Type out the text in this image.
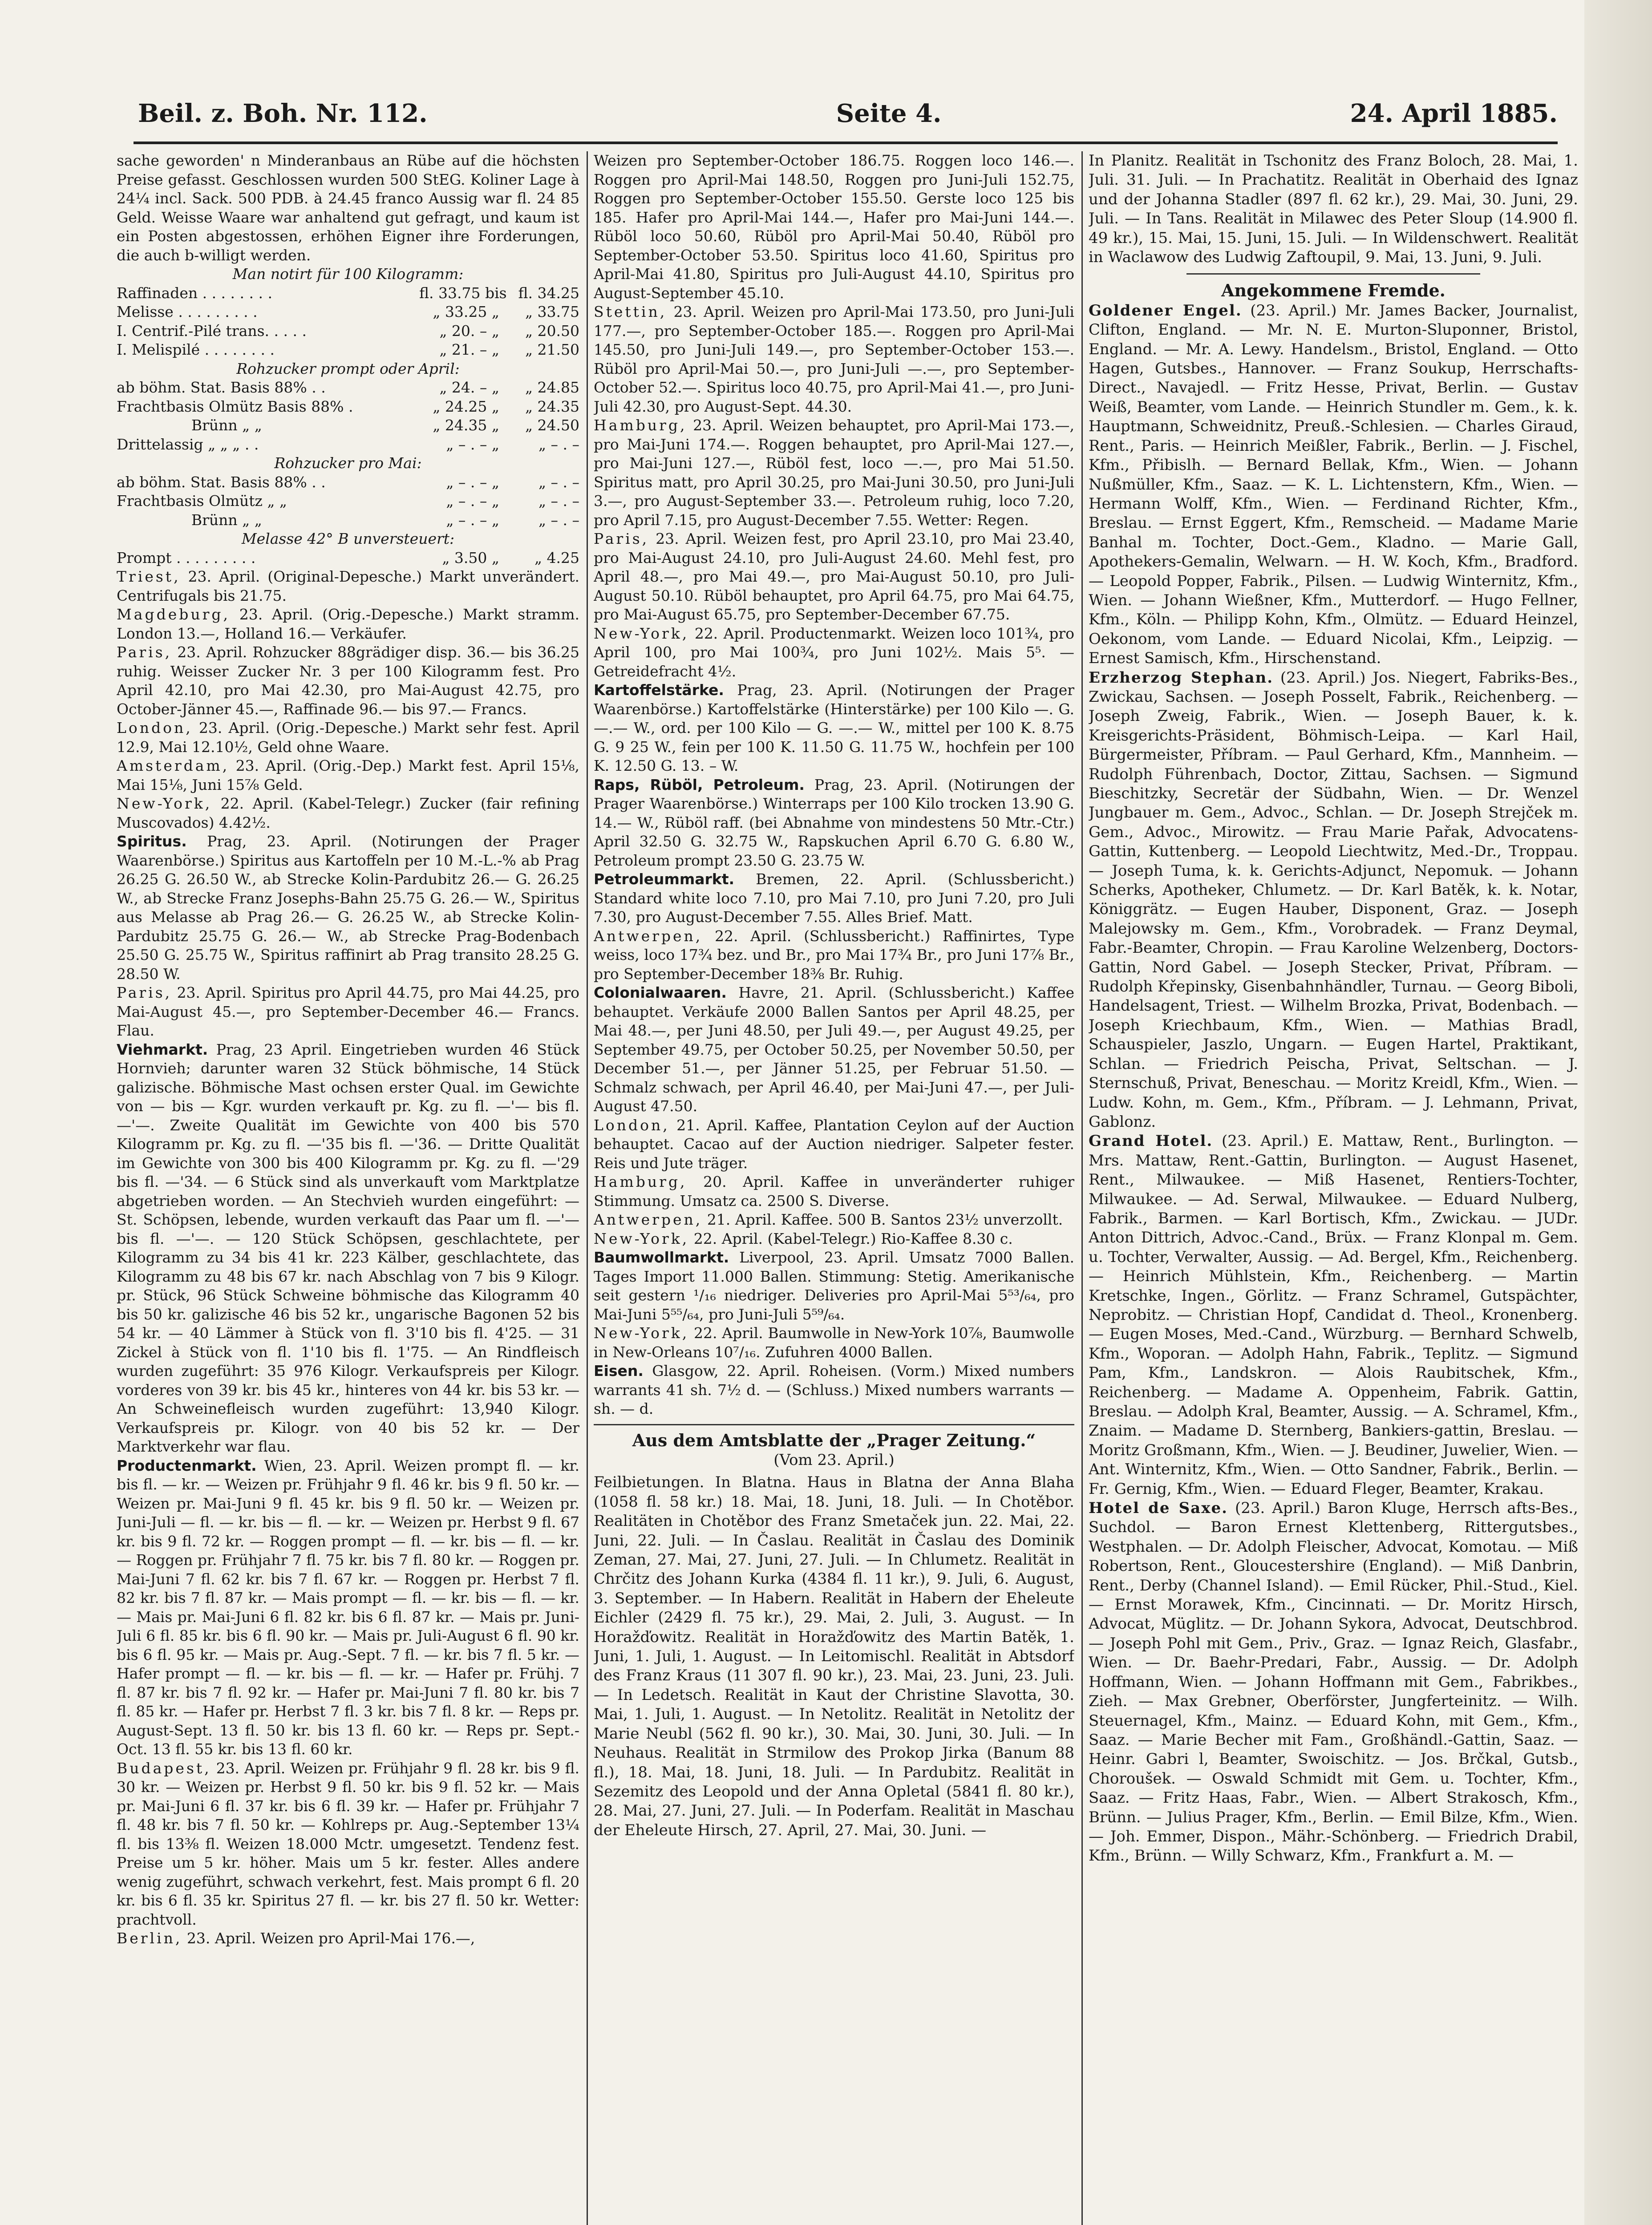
Beil. z. Boh. Nr. 112.	Seite 4.	24. April 1885.

sache geworden' n Minderanbaus an Rübe auf die höchsten Preise gefasst. Geschlossen wurden 500 StEG. Koliner Lage à 24¼ incl. Sack. 500 PDB. à 24.45 franco Aussig war fl. 24 85 Geld. Weisse Waare war anhaltend gut gefragt, und kaum ist ein Posten abgestossen, erhöhen Eigner ihre Forderungen, die auch b-willigt werden.

Man notirt für 100 Kilogramm:

Raffinaden . . . . . . . .	fl. 33.75 bis fl. 34.25
Melisse . . . . . . . . .	„ 33.25 „	„ 33.75
I. Centrif.-Pilé trans. . . . .	„ 20. – „	„ 20.50
I. Melispilé . . . . . . . .	„ 21. – „	„ 21.50

Rohzucker prompt oder April:

ab böhm. Stat. Basis 88% . .	„ 24. – „	„ 24.85
Frachtbasis Olmütz Basis 88% .	„ 24.25 „	„ 24.35
Brünn „ „	„ 24.35 „	„ 24.50
Drittelassig „ „ „ . .	„ – . – „	„ – . –

Rohzucker pro Mai:

ab böhm. Stat. Basis 88% . .	„ – . – „	„ – . –
Frachtbasis Olmütz „ „	„ – . – „	„ – . –
Brünn „ „	„ – . – „	„ – . –

Melasse 42° B unversteuert:

Prompt . . . . . . . . .	„ 3.50 „	„ 4.25

Triest, 23. April. (Original-Depesche.) Markt unverändert. Centrifugals bis 21.75.

Magdeburg, 23. April. (Orig.-Depesche.) Markt stramm. London 13.—, Holland 16.— Verkäufer.

Paris, 23. April. Rohzucker 88grädiger disp. 36.— bis 36.25 ruhig. Weisser Zucker Nr. 3 per 100 Kilogramm fest. Pro April 42.10, pro Mai 42.30, pro Mai-August 42.75, pro October-Jänner 45.—, Raffinade 96.— bis 97.— Francs.

London, 23. April. (Orig.-Depesche.) Markt sehr fest. April 12.9, Mai 12.10½, Geld ohne Waare.

Amsterdam, 23. April. (Orig.-Dep.) Markt fest. April 15⅛, Mai 15⅛, Juni 15⅞ Geld.

New-York, 22. April. (Kabel-Telegr.) Zucker (fair refining Muscovados) 4.42½.

Spiritus. Prag, 23. April. (Notirungen der Prager Waarenbörse.) Spiritus aus Kartoffeln per 10 M.-L.-% ab Prag 26.25 G. 26.50 W., ab Strecke Kolin-Pardubitz 26.— G. 26.25 W., ab Strecke Franz Josephs-Bahn 25.75 G. 26.— W., Spiritus aus Melasse ab Prag 26.— G. 26.25 W., ab Strecke Kolin-Pardubitz 25.75 G. 26.— W., ab Strecke Prag-Bodenbach 25.50 G. 25.75 W., Spiritus raffinirt ab Prag transito 28.25 G. 28.50 W.

Paris, 23. April. Spiritus pro April 44.75, pro Mai 44.25, pro Mai-August 45.—, pro September-December 46.— Francs. Flau.

Viehmarkt. Prag, 23 April. Eingetrieben wurden 46 Stück Hornvieh; darunter waren 32 Stück böhmische, 14 Stück galizische. Böhmische Mast ochsen erster Qual. im Gewichte von — bis — Kgr. wurden verkauft pr. Kg. zu fl. —'— bis fl. —'—. Zweite Qualität im Gewichte von 400 bis 570 Kilogramm pr. Kg. zu fl. —'35 bis fl. —'36. — Dritte Qualität im Gewichte von 300 bis 400 Kilogramm pr. Kg. zu fl. —'29 bis fl. —'34. — 6 Stück sind als unverkauft vom Marktplatze abgetrieben worden. — An Stechvieh wurden eingeführt: — St. Schöpsen, lebende, wurden verkauft das Paar um fl. —'— bis fl. —'—. — 120 Stück Schöpsen, geschlachtete, per Kilogramm zu 34 bis 41 kr. 223 Kälber, geschlachtete, das Kilogramm zu 48 bis 67 kr. nach Abschlag von 7 bis 9 Kilogr. pr. Stück, 96 Stück Schweine böhmische das Kilogramm 40 bis 50 kr. galizische 46 bis 52 kr., ungarische Bagonen 52 bis 54 kr. — 40 Lämmer à Stück von fl. 3'10 bis fl. 4'25. — 31 Zickel à Stück von fl. 1'10 bis fl. 1'75. — An Rindfleisch wurden zugeführt: 35 976 Kilogr. Verkaufspreis per Kilogr. vorderes von 39 kr. bis 45 kr., hinteres von 44 kr. bis 53 kr. — An Schweinefleisch wurden zugeführt: 13,940 Kilogr. Verkaufspreis pr. Kilogr. von 40 bis 52 kr. — Der Marktverkehr war flau.

Productenmarkt. Wien, 23. April. Weizen prompt fl. — kr. bis fl. — kr. — Weizen pr. Frühjahr 9 fl. 46 kr. bis 9 fl. 50 kr. — Weizen pr. Mai-Juni 9 fl. 45 kr. bis 9 fl. 50 kr. — Weizen pr. Juni-Juli — fl. — kr. bis — fl. — kr. — Weizen pr. Herbst 9 fl. 67 kr. bis 9 fl. 72 kr. — Roggen prompt — fl. — kr. bis — fl. — kr. — Roggen pr. Frühjahr 7 fl. 75 kr. bis 7 fl. 80 kr. — Roggen pr. Mai-Juni 7 fl. 62 kr. bis 7 fl. 67 kr. — Roggen pr. Herbst 7 fl. 82 kr. bis 7 fl. 87 kr. — Mais prompt — fl. — kr. bis — fl. — kr. — Mais pr. Mai-Juni 6 fl. 82 kr. bis 6 fl. 87 kr. — Mais pr. Juni-Juli 6 fl. 85 kr. bis 6 fl. 90 kr. — Mais pr. Juli-August 6 fl. 90 kr. bis 6 fl. 95 kr. — Mais pr. Aug.-Sept. 7 fl. — kr. bis 7 fl. 5 kr. — Hafer prompt — fl. — kr. bis — fl. — kr. — Hafer pr. Frühj. 7 fl. 87 kr. bis 7 fl. 92 kr. — Hafer pr. Mai-Juni 7 fl. 80 kr. bis 7 fl. 85 kr. — Hafer pr. Herbst 7 fl. 3 kr. bis 7 fl. 8 kr. — Reps pr. August-Sept. 13 fl. 50 kr. bis 13 fl. 60 kr. — Reps pr. Sept.-Oct. 13 fl. 55 kr. bis 13 fl. 60 kr.

Budapest, 23. April. Weizen pr. Frühjahr 9 fl. 28 kr. bis 9 fl. 30 kr. — Weizen pr. Herbst 9 fl. 50 kr. bis 9 fl. 52 kr. — Mais pr. Mai-Juni 6 fl. 37 kr. bis 6 fl. 39 kr. — Hafer pr. Frühjahr 7 fl. 48 kr. bis 7 fl. 50 kr. — Kohlreps pr. Aug.-September 13¼ fl. bis 13⅜ fl. Weizen 18.000 Mctr. umgesetzt. Tendenz fest. Preise um 5 kr. höher. Mais um 5 kr. fester. Alles andere wenig zugeführt, schwach verkehrt, fest. Mais prompt 6 fl. 20 kr. bis 6 fl. 35 kr. Spiritus 27 fl. — kr. bis 27 fl. 50 kr. Wetter: prachtvoll.

Berlin, 23. April. Weizen pro April-Mai 176.—,

Weizen pro September-October 186.75. Roggen loco 146.—. Roggen pro April-Mai 148.50, Roggen pro Juni-Juli 152.75, Roggen pro September-October 155.50. Gerste loco 125 bis 185. Hafer pro April-Mai 144.—, Hafer pro Mai-Juni 144.—. Rüböl loco 50.60, Rüböl pro April-Mai 50.40, Rüböl pro September-October 53.50. Spiritus loco 41.60, Spiritus pro April-Mai 41.80, Spiritus pro Juli-August 44.10, Spiritus pro August-September 45.10.

Stettin, 23. April. Weizen pro April-Mai 173.50, pro Juni-Juli 177.—, pro September-October 185.—. Roggen pro April-Mai 145.50, pro Juni-Juli 149.—, pro September-October 153.—. Rüböl pro April-Mai 50.—, pro Juni-Juli —.—, pro September-October 52.—. Spiritus loco 40.75, pro April-Mai 41.—, pro Juni-Juli 42.30, pro August-Sept. 44.30.

Hamburg, 23. April. Weizen behauptet, pro April-Mai 173.—, pro Mai-Juni 174.—. Roggen behauptet, pro April-Mai 127.—, pro Mai-Juni 127.—, Rüböl fest, loco —.—, pro Mai 51.50. Spiritus matt, pro April 30.25, pro Mai-Juni 30.50, pro Juni-Juli 3.—, pro August-September 33.—. Petroleum ruhig, loco 7.20, pro April 7.15, pro August-December 7.55. Wetter: Regen.

Paris, 23. April. Weizen fest, pro April 23.10, pro Mai 23.40, pro Mai-August 24.10, pro Juli-August 24.60. Mehl fest, pro April 48.—, pro Mai 49.—, pro Mai-August 50.10, pro Juli-August 50.10. Rüböl behauptet, pro April 64.75, pro Mai 64.75, pro Mai-August 65.75, pro September-December 67.75.

New-York, 22. April. Productenmarkt. Weizen loco 101¾, pro April 100, pro Mai 100¾, pro Juni 102½. Mais 5⁵. — Getreidefracht 4½.

Kartoffelstärke. Prag, 23. April. (Notirungen der Prager Waarenbörse.) Kartoffelstärke (Hinterstärke) per 100 Kilo —. G. —.— W., ord. per 100 Kilo — G. —.— W., mittel per 100 K. 8.75 G. 9 25 W., fein per 100 K. 11.50 G. 11.75 W., hochfein per 100 K. 12.50 G. 13. – W.

Raps, Rüböl, Petroleum. Prag, 23. April. (Notirungen der Prager Waarenbörse.) Winterraps per 100 Kilo trocken 13.90 G. 14.— W., Rüböl raff. (bei Abnahme von mindestens 50 Mtr.-Ctr.) April 32.50 G. 32.75 W., Rapskuchen April 6.70 G. 6.80 W., Petroleum prompt 23.50 G. 23.75 W.

Petroleummarkt. Bremen, 22. April. (Schlussbericht.) Standard white loco 7.10, pro Mai 7.10, pro Juni 7.20, pro Juli 7.30, pro August-December 7.55. Alles Brief. Matt.

Antwerpen, 22. April. (Schlussbericht.) Raffinirtes, Type weiss, loco 17¾ bez. und Br., pro Mai 17¾ Br., pro Juni 17⅞ Br., pro September-December 18⅜ Br. Ruhig.

Colonialwaaren. Havre, 21. April. (Schlussbericht.) Kaffee behauptet. Verkäufe 2000 Ballen Santos per April 48.25, per Mai 48.—, per Juni 48.50, per Juli 49.—, per August 49.25, per September 49.75, per October 50.25, per November 50.50, per December 51.—, per Jänner 51.25, per Februar 51.50. — Schmalz schwach, per April 46.40, per Mai-Juni 47.—, per Juli-August 47.50.

London, 21. April. Kaffee, Plantation Ceylon auf der Auction behauptet. Cacao auf der Auction niedriger. Salpeter fester. Reis und Jute träger.

Hamburg, 20. April. Kaffee in unveränderter ruhiger Stimmung. Umsatz ca. 2500 S. Diverse.

Antwerpen, 21. April. Kaffee. 500 B. Santos 23½ unverzollt.

New-York, 22. April. (Kabel-Telegr.) Rio-Kaffee 8.30 c.

Baumwollmarkt. Liverpool, 23. April. Umsatz 7000 Ballen. Tages Import 11.000 Ballen. Stimmung: Stetig. Amerikanische seit gestern ¹/₁₆ niedriger. Deliveries pro April-Mai 5⁵³/₆₄, pro Mai-Juni 5⁵⁵/₆₄, pro Juni-Juli 5⁵⁹/₆₄.

New-York, 22. April. Baumwolle in New-York 10⅞, Baumwolle in New-Orleans 10⁷/₁₆. Zufuhren 4000 Ballen.

Eisen. Glasgow, 22. April. Roheisen. (Vorm.) Mixed numbers warrants 41 sh. 7½ d. — (Schluss.) Mixed numbers warrants — sh. — d.

Aus dem Amtsblatte der „Prager Zeitung.“

(Vom 23. April.)

Feilbietungen. In Blatna. Haus in Blatna der Anna Blaha (1058 fl. 58 kr.) 18. Mai, 18. Juni, 18. Juli. — In Chotěbor. Realitäten in Chotěbor des Franz Smetaček jun. 22. Mai, 22. Juni, 22. Juli. — In Časlau. Realität in Časlau des Dominik Zeman, 27. Mai, 27. Juni, 27. Juli. — In Chlumetz. Realität in Chrčitz des Johann Kurka (4384 fl. 11 kr.), 9. Juli, 6. August, 3. September. — In Habern. Realität in Habern der Eheleute Eichler (2429 fl. 75 kr.), 29. Mai, 2. Juli, 3. August. — In Horažďowitz. Realität in Horažďowitz des Martin Batěk, 1. Juni, 1. Juli, 1. August. — In Leitomischl. Realität in Abtsdorf des Franz Kraus (11 307 fl. 90 kr.), 23. Mai, 23. Juni, 23. Juli. — In Ledetsch. Realität in Kaut der Christine Slavotta, 30. Mai, 1. Juli, 1. August. — In Netolitz. Realität in Netolitz der Marie Neubl (562 fl. 90 kr.), 30. Mai, 30. Juni, 30. Juli. — In Neuhaus. Realität in Strmilow des Prokop Jirka (Banum 88 fl.), 18. Mai, 18. Juni, 18. Juli. — In Pardubitz. Realität in Sezemitz des Leopold und der Anna Opletal (5841 fl. 80 kr.), 28. Mai, 27. Juni, 27. Juli. — In Poderfam. Realität in Maschau der Eheleute Hirsch, 27. April, 27. Mai, 30. Juni. —

In Planitz. Realität in Tschonitz des Franz Boloch, 28. Mai, 1. Juli. 31. Juli. — In Prachatitz. Realität in Oberhaid des Ignaz und der Johanna Stadler (897 fl. 62 kr.), 29. Mai, 30. Juni, 29. Juli. — In Tans. Realität in Milawec des Peter Sloup (14.900 fl. 49 kr.), 15. Mai, 15. Juni, 15. Juli. — In Wildenschwert. Realität in Waclawow des Ludwig Zaftoupil, 9. Mai, 13. Juni, 9. Juli.

Angekommene Fremde.

Goldener Engel. (23. April.) Mr. James Backer, Journalist, Clifton, England. — Mr. N. E. Murton-Sluponner, Bristol, England. — Mr. A. Lewy. Handelsm., Bristol, England. — Otto Hagen, Gutsbes., Hannover. — Franz Soukup, Herrschafts-Direct., Navajedl. — Fritz Hesse, Privat, Berlin. — Gustav Weiß, Beamter, vom Lande. — Heinrich Stundler m. Gem., k. k. Hauptmann, Schweidnitz, Preuß.-Schlesien. — Charles Giraud, Rent., Paris. — Heinrich Meißler, Fabrik., Berlin. — J. Fischel, Kfm., Přibislh. — Bernard Bellak, Kfm., Wien. — Johann Nußmüller, Kfm., Saaz. — K. L. Lichtenstern, Kfm., Wien. — Hermann Wolff, Kfm., Wien. — Ferdinand Richter, Kfm., Breslau. — Ernst Eggert, Kfm., Remscheid. — Madame Marie Banhal m. Tochter, Doct.-Gem., Kladno. — Marie Gall, Apothekers-Gemalin, Welwarn. — H. W. Koch, Kfm., Bradford. — Leopold Popper, Fabrik., Pilsen. — Ludwig Winternitz, Kfm., Wien. — Johann Wießner, Kfm., Mutterdorf. — Hugo Fellner, Kfm., Köln. — Philipp Kohn, Kfm., Olmütz. — Eduard Heinzel, Oekonom, vom Lande. — Eduard Nicolai, Kfm., Leipzig. — Ernest Samisch, Kfm., Hirschenstand.

Erzherzog Stephan. (23. April.) Jos. Niegert, Fabriks-Bes., Zwickau, Sachsen. — Joseph Posselt, Fabrik., Reichenberg. — Joseph Zweig, Fabrik., Wien. — Joseph Bauer, k. k. Kreisgerichts-Präsident, Böhmisch-Leipa. — Karl Hail, Bürgermeister, Příbram. — Paul Gerhard, Kfm., Mannheim. — Rudolph Führenbach, Doctor, Zittau, Sachsen. — Sigmund Bieschitzky, Secretär der Südbahn, Wien. — Dr. Wenzel Jungbauer m. Gem., Advoc., Schlan. — Dr. Joseph Strejček m. Gem., Advoc., Mirowitz. — Frau Marie Pařak, Advocatens-Gattin, Kuttenberg. — Leopold Liechtwitz, Med.-Dr., Troppau. — Joseph Tuma, k. k. Gerichts-Adjunct, Nepomuk. — Johann Scherks, Apotheker, Chlumetz. — Dr. Karl Batěk, k. k. Notar, Königgrätz. — Eugen Hauber, Disponent, Graz. — Joseph Malejowsky m. Gem., Kfm., Vorobradek. — Franz Deymal, Fabr.-Beamter, Chropin. — Frau Karoline Welzenberg, Doctors-Gattin, Nord Gabel. — Joseph Stecker, Privat, Příbram. — Rudolph Křepinsky, Gisenbahnhändler, Turnau. — Georg Biboli, Handelsagent, Triest. — Wilhelm Brozka, Privat, Bodenbach. — Joseph Kriechbaum, Kfm., Wien. — Mathias Bradl, Schauspieler, Jaszlo, Ungarn. — Eugen Hartel, Praktikant, Schlan. — Friedrich Peischa, Privat, Seltschan. — J. Sternschuß, Privat, Beneschau. — Moritz Kreidl, Kfm., Wien. — Ludw. Kohn, m. Gem., Kfm., Příbram. — J. Lehmann, Privat, Gablonz.

Grand Hotel. (23. April.) E. Mattaw, Rent., Burlington. — Mrs. Mattaw, Rent.-Gattin, Burlington. — August Hasenet, Rent., Milwaukee. — Miß Hasenet, Rentiers-Tochter, Milwaukee. — Ad. Serwal, Milwaukee. — Eduard Nulberg, Fabrik., Barmen. — Karl Bortisch, Kfm., Zwickau. — JUDr. Anton Dittrich, Advoc.-Cand., Brüx. — Franz Klonpal m. Gem. u. Tochter, Verwalter, Aussig. — Ad. Bergel, Kfm., Reichenberg. — Heinrich Mühlstein, Kfm., Reichenberg. — Martin Kretschke, Ingen., Görlitz. — Franz Schramel, Gutspächter, Neprobitz. — Christian Hopf, Candidat d. Theol., Kronenberg. — Eugen Moses, Med.-Cand., Würzburg. — Bernhard Schwelb, Kfm., Woporan. — Adolph Hahn, Fabrik., Teplitz. — Sigmund Pam, Kfm., Landskron. — Alois Raubitschek, Kfm., Reichenberg. — Madame A. Oppenheim, Fabrik. Gattin, Breslau. — Adolph Kral, Beamter, Aussig. — A. Schramel, Kfm., Znaim. — Madame D. Sternberg, Bankiers-gattin, Breslau. — Moritz Großmann, Kfm., Wien. — J. Beudiner, Juwelier, Wien. — Ant. Winternitz, Kfm., Wien. — Otto Sandner, Fabrik., Berlin. — Fr. Gernig, Kfm., Wien. — Eduard Fleger, Beamter, Krakau.

Hotel de Saxe. (23. April.) Baron Kluge, Herrsch afts-Bes., Suchdol. — Baron Ernest Klettenberg, Rittergutsbes., Westphalen. — Dr. Adolph Fleischer, Advocat, Komotau. — Miß Robertson, Rent., Gloucestershire (England). — Miß Danbrin, Rent., Derby (Channel Island). — Emil Rücker, Phil.-Stud., Kiel. — Ernst Morawek, Kfm., Cincinnati. — Dr. Moritz Hirsch, Advocat, Müglitz. — Dr. Johann Sykora, Advocat, Deutschbrod. — Joseph Pohl mit Gem., Priv., Graz. — Ignaz Reich, Glasfabr., Wien. — Dr. Baehr-Predari, Fabr., Aussig. — Dr. Adolph Hoffmann, Wien. — Johann Hoffmann mit Gem., Fabrikbes., Zieh. — Max Grebner, Oberförster, Jungferteinitz. — Wilh. Steuernagel, Kfm., Mainz. — Eduard Kohn, mit Gem., Kfm., Saaz. — Marie Becher mit Fam., Großhändl.-Gattin, Saaz. — Heinr. Gabri l, Beamter, Swoischitz. — Jos. Brčkal, Gutsb., Choroušek. — Oswald Schmidt mit Gem. u. Tochter, Kfm., Saaz. — Fritz Haas, Fabr., Wien. — Albert Strakosch, Kfm., Brünn. — Julius Prager, Kfm., Berlin. — Emil Bilze, Kfm., Wien. — Joh. Emmer, Dispon., Mähr.-Schönberg. — Friedrich Drabil, Kfm., Brünn. — Willy Schwarz, Kfm., Frankfurt a. M. —
